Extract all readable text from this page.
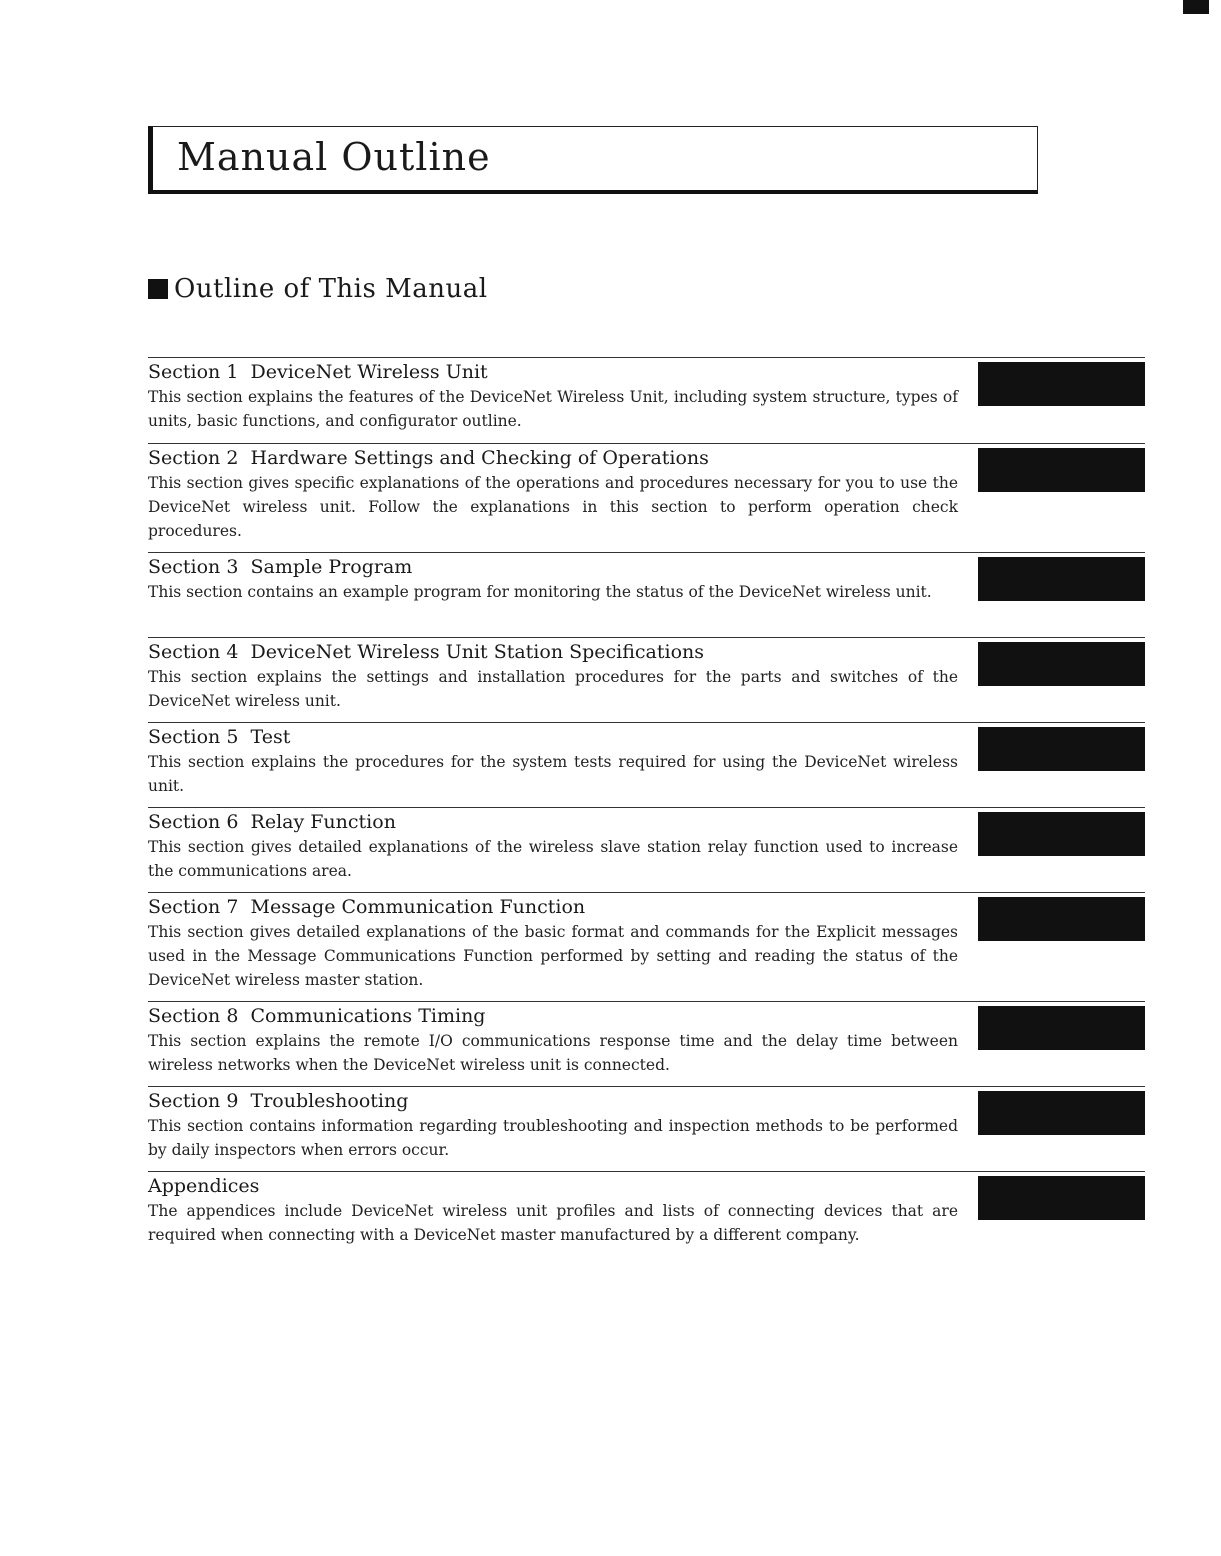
Manual Outline
Outline of This Manual
Section 1 DeviceNet Wireless Unit
This section explains the features of the DeviceNet Wireless Unit, including system structure, types of units, basic functions, and configurator outline.
Section 2 Hardware Settings and Checking of Operations
This section gives specific explanations of the operations and procedures necessary for you to use the DeviceNet wireless unit. Follow the explanations in this section to perform operation check procedures.
Section 3 Sample Program
This section contains an example program for monitoring the status of the DeviceNet wireless unit.
Section 4 DeviceNet Wireless Unit Station Specifications
This section explains the settings and installation procedures for the parts and switches of the DeviceNet wireless unit.
Section 5 Test
This section explains the procedures for the system tests required for using the DeviceNet wireless unit.
Section 6 Relay Function
This section gives detailed explanations of the wireless slave station relay function used to increase the communications area.
Section 7 Message Communication Function
This section gives detailed explanations of the basic format and commands for the Explicit messages used in the Message Communications Function performed by setting and reading the status of the DeviceNet wireless master station.
Section 8 Communications Timing
This section explains the remote I/O communications response time and the delay time between wireless networks when the DeviceNet wireless unit is connected.
Section 9 Troubleshooting
This section contains information regarding troubleshooting and inspection methods to be performed by daily inspectors when errors occur.
Appendices
The appendices include DeviceNet wireless unit profiles and lists of connecting devices that are required when connecting with a DeviceNet master manufactured by a different company.
